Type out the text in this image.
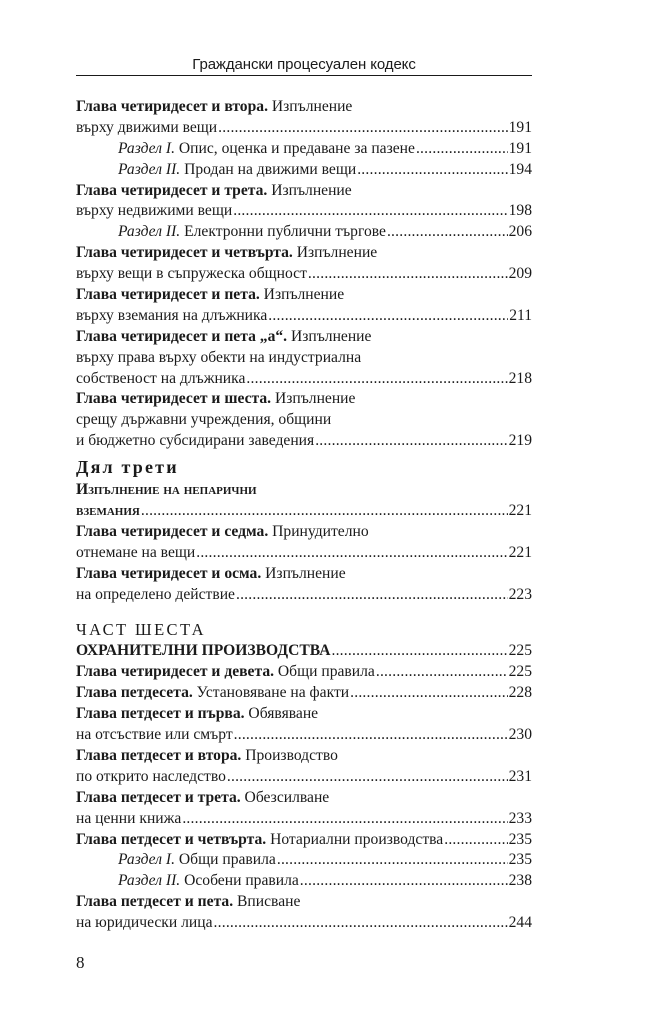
Граждански процесуален кодекс
Глава четиридесет и втора. Изпълнение
върху движими вещи .....	191
Раздел I. Опис, оценка и предаване за пазене .....	191
Раздел II. Продан на движими вещи .....	194
Глава четиридесет и трета. Изпълнение
върху недвижими вещи .....	198
Раздел II. Електронни публични търгове .....	206
Глава четиридесет и четвърта. Изпълнение
върху вещи в съпружеска общност .....	209
Глава четиридесет и пета. Изпълнение
върху вземания на длъжника .....	211
Глава четиридесет и пета „а“. Изпълнение
върху права върху обекти на индустриална
собственост на длъжника .....	218
Глава четиридесет и шеста. Изпълнение
срещу държавни учреждения, общини
и бюджетно субсидирани заведения .....	219
Дял трети
Изпълнение на непарични
вземания .....	221
Глава четиридесет и седма. Принудително
отнемане на вещи .....	221
Глава четиридесет и осма. Изпълнение
на определено действие .....	223
ЧАСТ ШЕСТА
ОХРАНИТЕЛНИ ПРОИЗВОДСТВА .....	225
Глава четиридесет и девета. Общи правила .....	225
Глава петдесета. Установяване на факти .....	228
Глава петдесет и първа. Обявяване
на отсъствие или смърт .....	230
Глава петдесет и втора. Производство
по открито наследство .....	231
Глава петдесет и трета. Обезсилване
на ценни книжа .....	233
Глава петдесет и четвърта. Нотариални производства .....	235
Раздел I. Общи правила .....	235
Раздел II. Особени правила .....	238
Глава петдесет и пета. Вписване
на юридически лица .....	244
8
